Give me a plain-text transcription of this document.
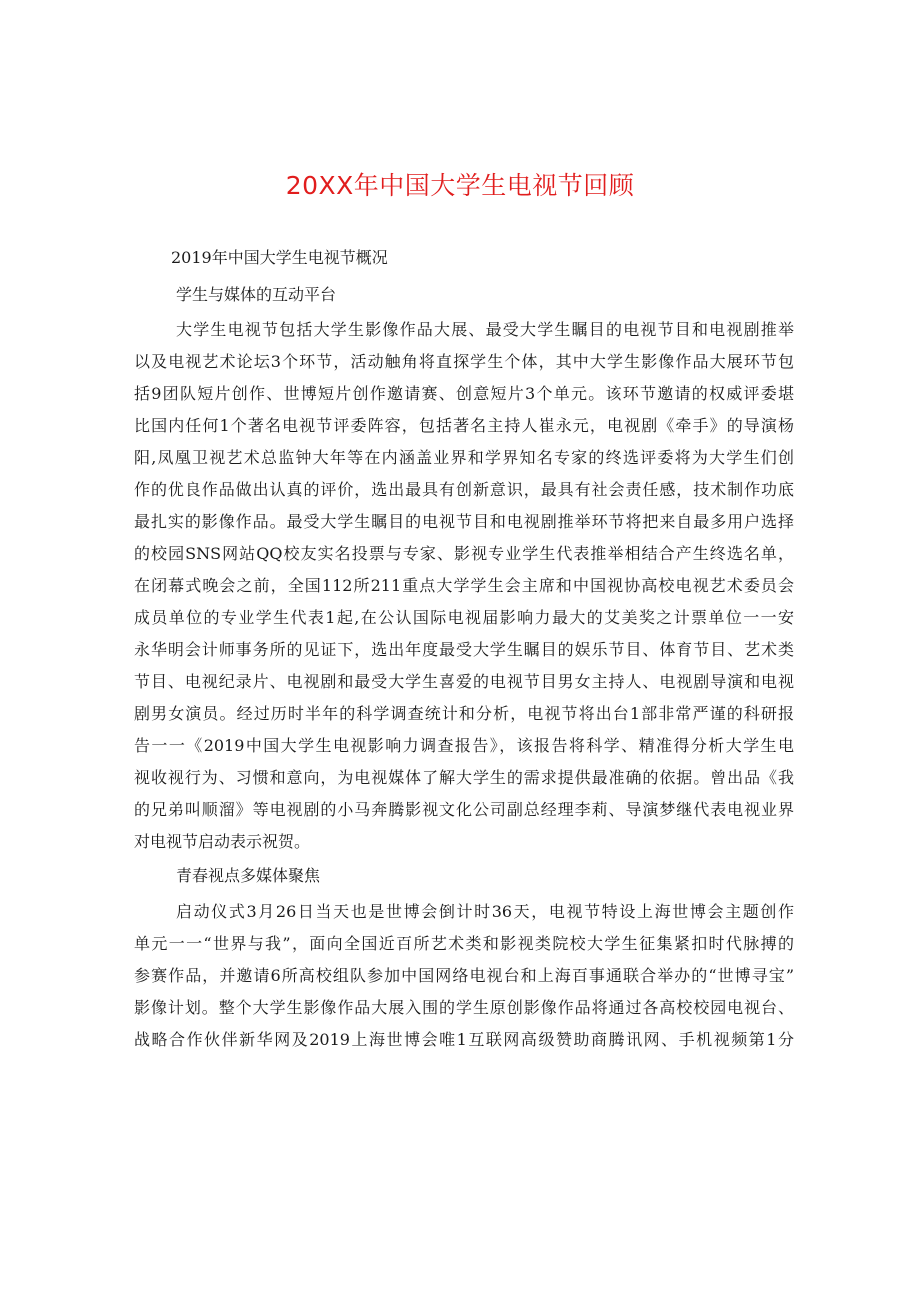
20XX年中国大学生电视节回顾
2019年中国大学生电视节概况
学生与媒体的互动平台
大学生电视节包括大学生影像作品大展、最受大学生瞩目的电视节目和电视剧推举
以及电视艺术论坛3个环节，活动触角将直探学生个体，其中大学生影像作品大展环节包
括9团队短片创作、世博短片创作邀请赛、创意短片3个单元。该环节邀请的权威评委堪
比国内任何1个著名电视节评委阵容，包括著名主持人崔永元，电视剧《牵手》的导演杨
阳,凤凰卫视艺术总监钟大年等在内涵盖业界和学界知名专家的终选评委将为大学生们创
作的优良作品做出认真的评价，选出最具有创新意识，最具有社会责任感，技术制作功底
最扎实的影像作品。最受大学生瞩目的电视节目和电视剧推举环节将把来自最多用户选择
的校园SNS网站QQ校友实名投票与专家、影视专业学生代表推举相结合产生终选名单，
在闭幕式晚会之前，全国112所211重点大学学生会主席和中国视协高校电视艺术委员会
成员单位的专业学生代表1起,在公认国际电视届影响力最大的艾美奖之计票单位一一安
永华明会计师事务所的见证下，选出年度最受大学生瞩目的娱乐节目、体育节目、艺术类
节目、电视纪录片、电视剧和最受大学生喜爱的电视节目男女主持人、电视剧导演和电视
剧男女演员。经过历时半年的科学调查统计和分析，电视节将出台1部非常严谨的科研报
告一一《2019中国大学生电视影响力调查报告》，该报告将科学、精准得分析大学生电
视收视行为、习惯和意向，为电视媒体了解大学生的需求提供最准确的依据。曾出品《我
的兄弟叫顺溜》等电视剧的小马奔腾影视文化公司副总经理李莉、导演梦继代表电视业界
对电视节启动表示祝贺。
青春视点多媒体聚焦
启动仪式3月26日当天也是世博会倒计时36天，电视节特设上海世博会主题创作
单元一一“世界与我”，面向全国近百所艺术类和影视类院校大学生征集紧扣时代脉搏的
参赛作品，并邀请6所高校组队参加中国网络电视台和上海百事通联合举办的“世博寻宝”
影像计划。整个大学生影像作品大展入围的学生原创影像作品将通过各高校校园电视台、
战略合作伙伴新华网及2019上海世博会唯1互联网高级赞助商腾讯网、手机视频第1分
